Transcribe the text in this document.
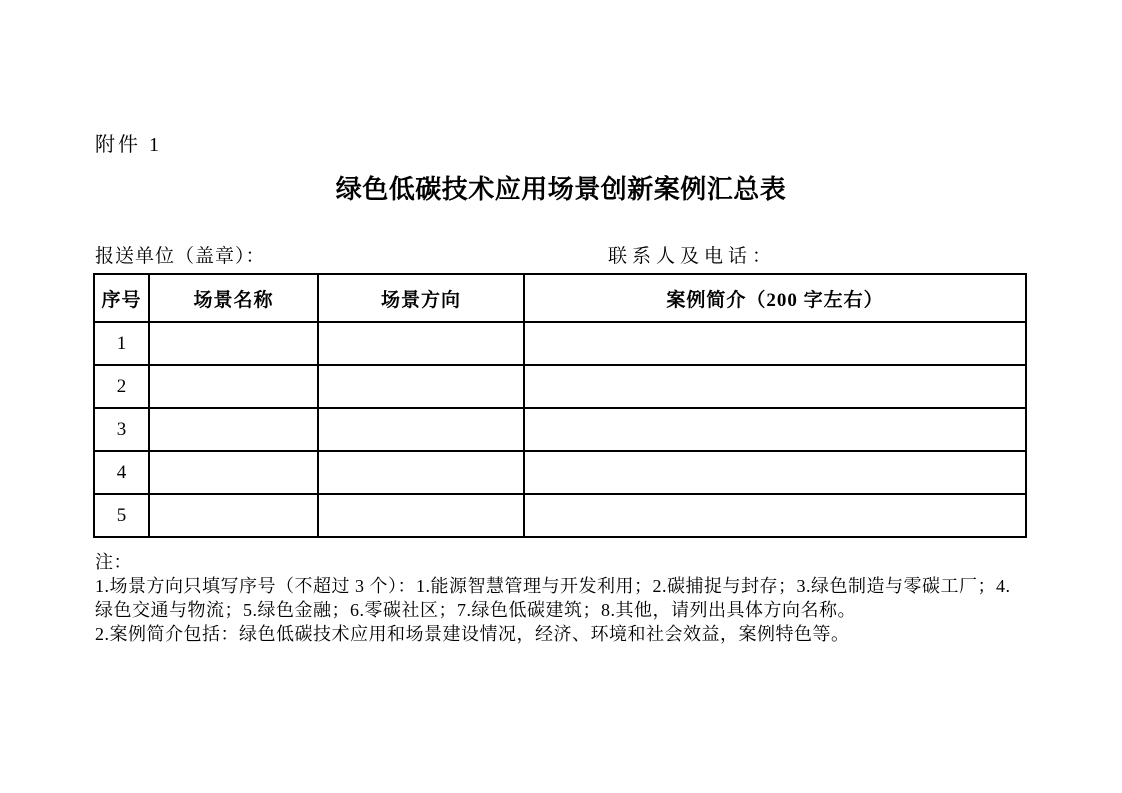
附件 1
绿色低碳技术应用场景创新案例汇总表
报送单位（盖章）：	联系人及电话：
序号	场景名称	场景方向	案例简介（200 字左右）
1			
2			
3			
4			
5			
注：
1.场景方向只填写序号（不超过 3 个）：1.能源智慧管理与开发利用；2.碳捕捉与封存；3.绿色制造与零碳工厂；4.
绿色交通与物流；5.绿色金融；6.零碳社区；7.绿色低碳建筑；8.其他，请列出具体方向名称。
2.案例简介包括：绿色低碳技术应用和场景建设情况，经济、环境和社会效益，案例特色等。
